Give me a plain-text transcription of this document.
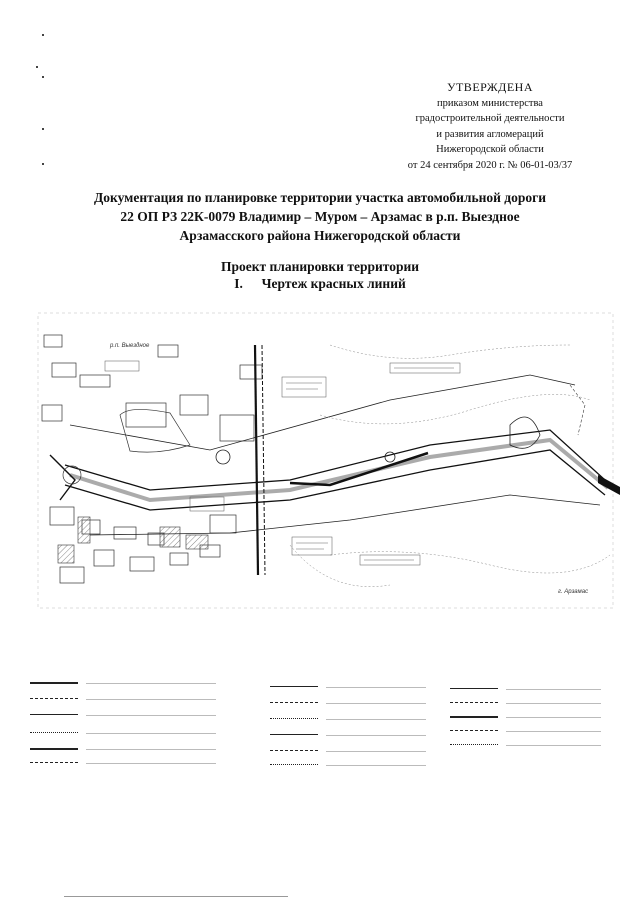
УТВЕРЖДЕНА
приказом министерства
градостроительной деятельности
и развития агломераций
Нижегородской области
от 24 сентября 2020 г. № 06-01-03/37
Документация по планировке территории участка автомобильной дороги
22 ОП РЗ 22К-0079 Владимир – Муром – Арзамас в р.п. Выездное
Арзамасского района Нижегородской области
Проект планировки территории
I. Чертеж красных линий
р.п. Выездное
г. Арзамас
